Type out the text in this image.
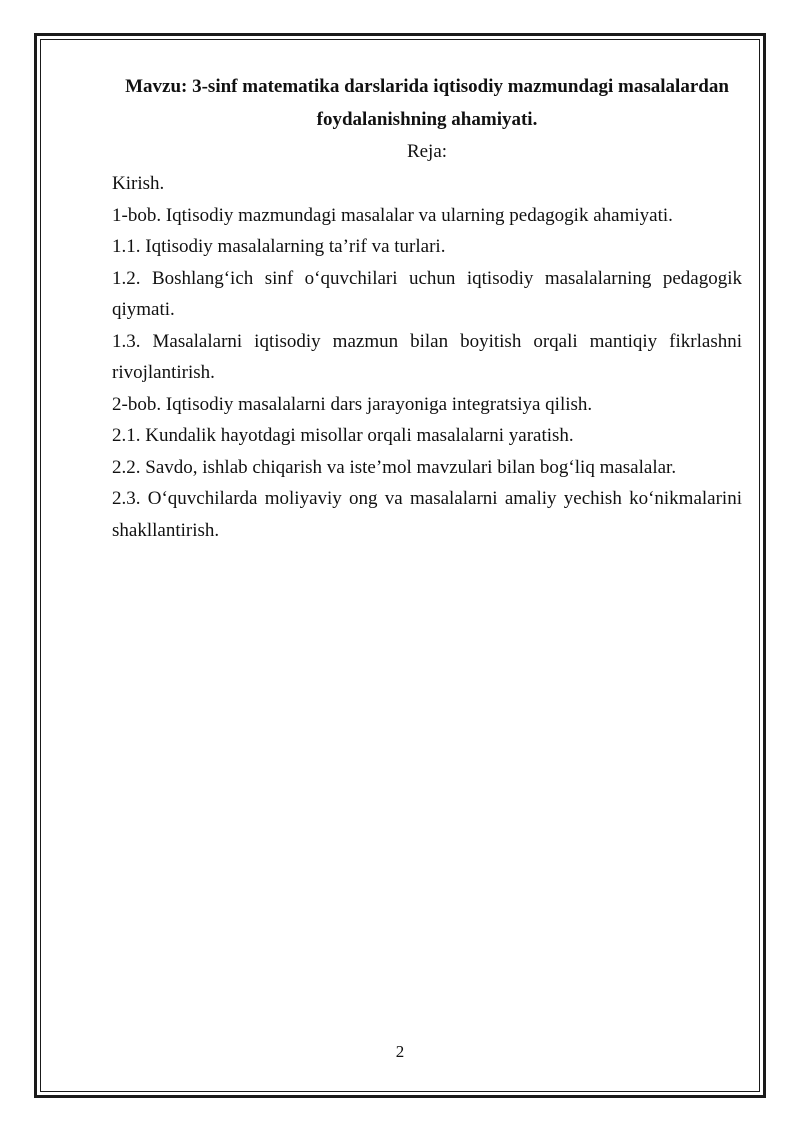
Mavzu: 3-sinf matematika darslarida iqtisodiy mazmundagi masalalardan foydalanishning ahamiyati.

Reja:

Kirish.

1-bob. Iqtisodiy mazmundagi masalalar va ularning pedagogik ahamiyati.

1.1. Iqtisodiy masalalarning ta’rif va turlari.

1.2. Boshlang‘ich sinf o‘quvchilari uchun iqtisodiy masalalarning pedagogik qiymati.

1.3. Masalalarni iqtisodiy mazmun bilan boyitish orqali mantiqiy fikrlashni rivojlantirish.

2-bob. Iqtisodiy masalalarni dars jarayoniga integratsiya qilish.

2.1. Kundalik hayotdagi misollar orqali masalalarni yaratish.

2.2. Savdo, ishlab chiqarish va iste’mol mavzulari bilan bog‘liq masalalar.

2.3. O‘quvchilarda moliyaviy ong va masalalarni amaliy yechish ko‘nikmalarini shakllantirish.

2
